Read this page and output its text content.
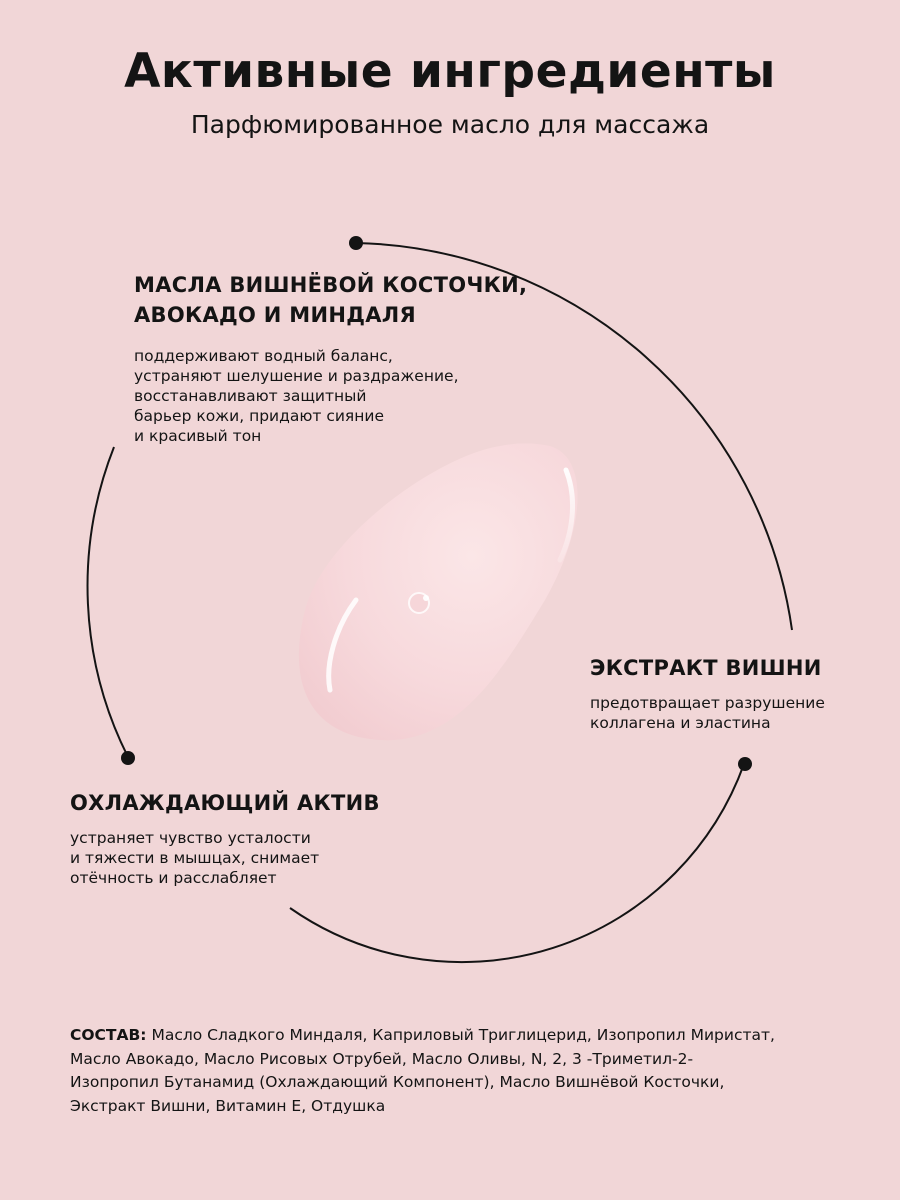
Активные ингредиенты
Парфюмированное масло для массажа
МАСЛА ВИШНЁВОЙ КОСТОЧКИ,
АВОКАДО И МИНДАЛЯ

поддерживают водный баланс,
устраняют шелушение и раздражение,
восстанавливают защитный
барьер кожи, придают сияние
и красивый тон

ЭКСТРАКТ ВИШНИ

предотвращает разрушение
коллагена и эластина

ОХЛАЖДАЮЩИЙ АКТИВ

устраняет чувство усталости
и тяжести в мышцах, снимает
отёчность и расслабляет

СОСТАВ: Масло Сладкого Миндаля, Каприловый Триглицерид, Изопропил Миристат,
Масло Авокадо, Масло Рисовых Отрубей, Масло Оливы, N, 2, 3 -Триметил-2-
Изопропил Бутанамид (Охлаждающий Компонент), Масло Вишнёвой Косточки,
Экстракт Вишни, Витамин Е, Отдушка
